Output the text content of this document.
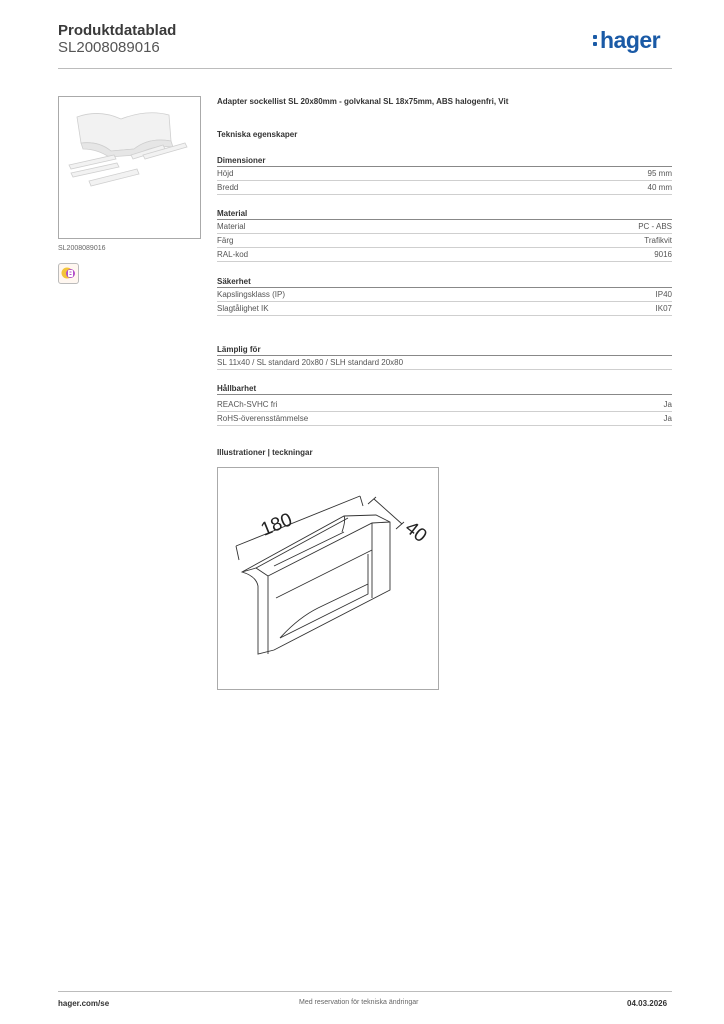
Produktdatablad
SL2008089016	hager
SL2008089016
Adapter sockellist SL 20x80mm - golvkanal SL 18x75mm, ABS halogenfri, Vit
Tekniska egenskaper
Dimensioner
Höjd	95 mm
Bredd	40 mm
Material
Material	PC - ABS
Färg	Trafikvit
RAL-kod	9016
Säkerhet
Kapslingsklass (IP)	IP40
Slagtålighet IK	IK07
Lämplig för
SL 11x40 / SL standard 20x80 / SLH standard 20x80
Hållbarhet
REACh-SVHC fri	Ja
RoHS-överensstämmelse	Ja
Illustrationer | teckningar
180	40
hager.com/se	Med reservation för tekniska ändringar	04.03.2026
